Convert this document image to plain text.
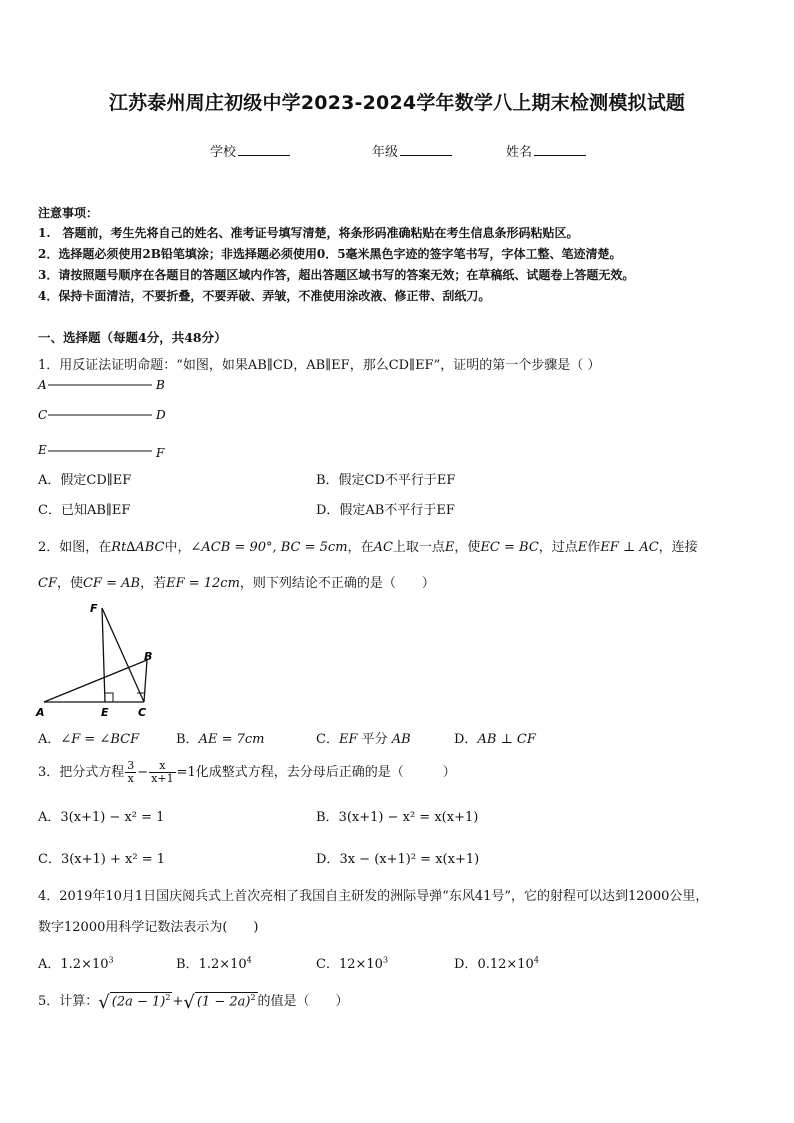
江苏泰州周庄初级中学2023-2024学年数学八上期末检测模拟试题
学校	年级	姓名
注意事项：
1.　答题前，考生先将自己的姓名、准考证号填写清楚，将条形码准确粘贴在考生信息条形码粘贴区。
2．选择题必须使用2B铅笔填涂；非选择题必须使用0．5毫米黑色字迹的签字笔书写，字体工整、笔迹清楚。
3．请按照题号顺序在各题目的答题区域内作答，超出答题区域书写的答案无效；在草稿纸、试题卷上答题无效。
4．保持卡面清洁，不要折叠，不要弄破、弄皱，不准使用涂改液、修正带、刮纸刀。
一、选择题（每题4分，共48分）
1．用反证法证明命题：“如图，如果AB∥CD，AB∥EF，那么CD∥EF”，证明的第一个步骤是（ ）
A	B
C	D
E	F
A．假定CD∥EF	B．假定CD不平行于EF
C．已知AB∥EF	D．假定AB不平行于EF
2．如图，在Rt∆ABC中，∠ACB = 90°, BC = 5cm，在AC上取一点E，使EC = BC，过点E作EF ⊥ AC，连接
CF，使CF = AB，若EF = 12cm，则下列结论不正确的是（　　）
F
B
A	E	C
A．∠F = ∠BCF	B．AE = 7cm	C．EF 平分 AB	D．AB ⊥ CF
3．把分式方程 $\frac{3}{x} - \frac{x}{x+1} =1$化成整式方程，去分母后正确的是（　　　）
A．3(x+1) − x² = 1	B．3(x+1) − x² = x(x+1)
C．3(x+1) + x² = 1	D．3x − (x+1)² = x(x+1)
4．2019年10月1日国庆阅兵式上首次亮相了我国自主研发的洲际导弹“东风41号”，它的射程可以达到12000公里，
数字12000用科学记数法表示为(　　)
A．$1.2\times 10^3$	B．$1.2\times 10^4$	C．$12\times 10^3$	D．$0.12\times 10^4$
5．计算：√ $(2a - 1)^2$ +√ $(1 - 2a)^2$ 的值是（　　）
